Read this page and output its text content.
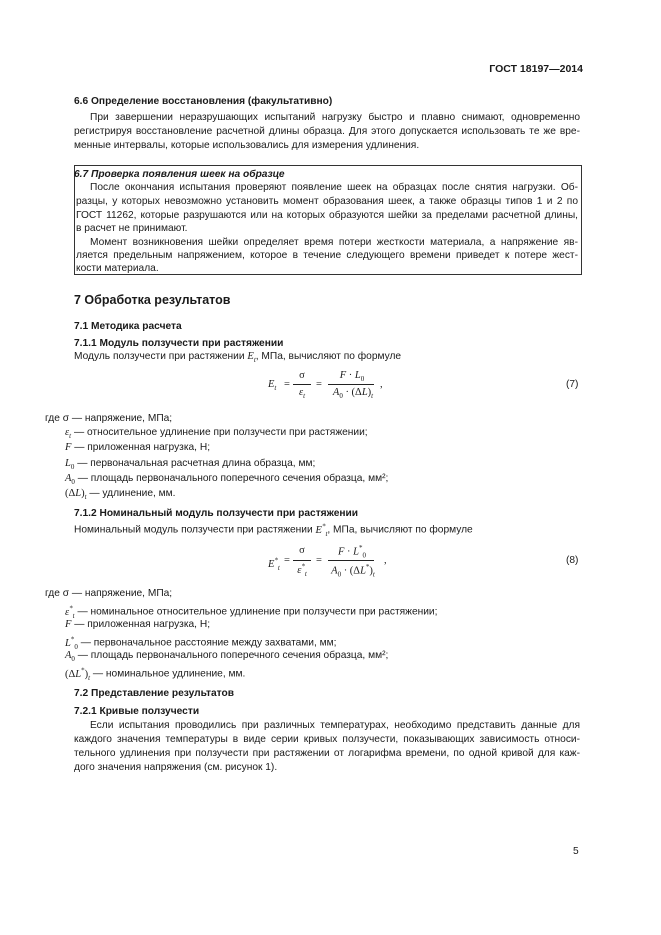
ГОСТ 18197—2014
6.6 Определение восстановления (факультативно)
При завершении неразрушающих испытаний нагрузку быстро и плавно снимают, одновременно
регистрируя восстановление расчетной длины образца. Для этого допускается использовать те же вре-
менные интервалы, которые использовались для измерения удлинения.
6.7 Проверка появления шеек на образце
После окончания испытания проверяют появление шеек на образцах после снятия нагрузки. Об-
разцы, у которых невозможно установить момент образования шеек, а также образцы типов 1 и 2 по
ГОСТ 11262, которые разрушаются или на которых образуются шейки за пределами расчетной длины,
в расчет не принимают.
Момент возникновения шейки определяет время потери жесткости материала, а напряжение яв-
ляется предельным напряжением, которое в течение следующего времени приведет к потере жест-
кости материала.
7 Обработка результатов
7.1 Методика расчета
7.1.1 Модуль ползучести при растяжении
Модуль ползучести при растяжении $E_t$, МПа, вычисляют по формуле
$E_t$ =
σ
$\varepsilon_t$
=
$F \cdot L_0$
$A_0 \cdot (\Delta L)_t$
,	(7)
где σ — напряжение, МПа;
$\varepsilon_t$ — относительное удлинение при ползучести при растяжении;
F — приложенная нагрузка, Н;
$L_0$ — первоначальная расчетная длина образца, мм;
$A_0$ — площадь первоначального поперечного сечения образца, мм²;
$(\Delta L)_t$ — удлинение, мм.
7.1.2 Номинальный модуль ползучести при растяжении
Номинальный модуль ползучести при растяжении $E^*_t$, МПа, вычисляют по формуле
$E^*_t$
=
σ
$\varepsilon^*_t$
=
$F \cdot L^*_0$
$A_0 \cdot (\Delta L^*)_t$
,	(8)
где σ — напряжение, МПа;
$\varepsilon^*_t$ — номинальное относительное удлинение при ползучести при растяжении;
F — приложенная нагрузка, Н;
$L^*_0$ — первоначальное расстояние между захватами, мм;
$A_0$ — площадь первоначального поперечного сечения образца, мм²;
$(\Delta L^*)_t$ — номинальное удлинение, мм.
7.2 Представление результатов
7.2.1 Кривые ползучести
Если испытания проводились при различных температурах, необходимо представить данные для
каждого значения температуры в виде серии кривых ползучести, показывающих зависимость относи-
тельного удлинения при ползучести при растяжении от логарифма времени, по одной кривой для каж-
дого значения напряжения (см. рисунок 1).
5
